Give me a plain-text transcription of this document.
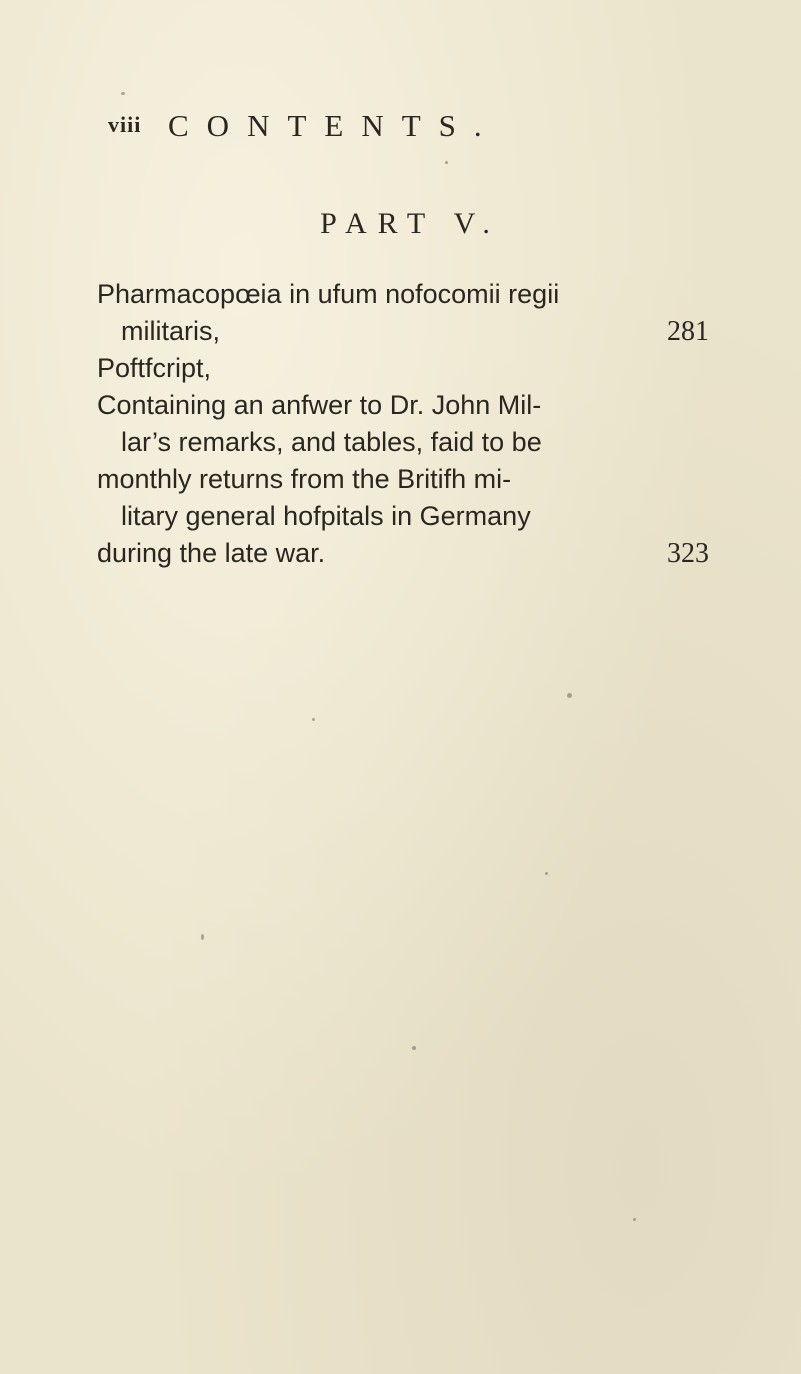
viii CONTENTS.
PART V.
Pharmacopœia in ufum nofocomii regii
militaris,	281
Poftfcript,
Containing an anfwer to Dr. John Mil-
lar’s remarks, and tables, faid to be
monthly returns from the Britifh mi-
litary general hofpitals in Germany
during the late war.	323
